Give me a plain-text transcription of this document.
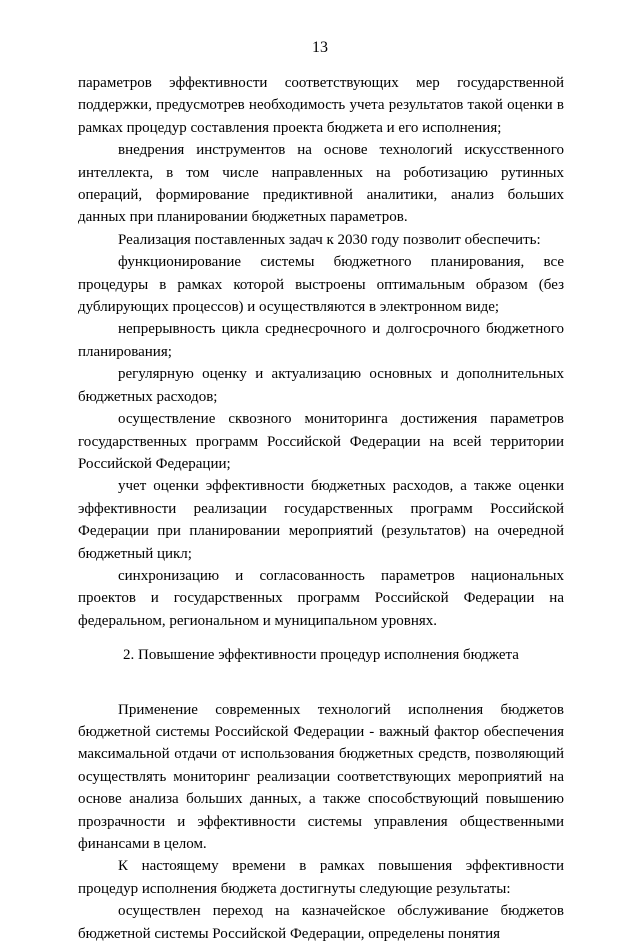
13

параметров эффективности соответствующих мер государственной поддержки, предусмотрев необходимость учета результатов такой оценки в рамках процедур составления проекта бюджета и его исполнения;

внедрения инструментов на основе технологий искусственного интеллекта, в том числе направленных на роботизацию рутинных операций, формирование предиктивной аналитики, анализ больших данных при планировании бюджетных параметров.

Реализация поставленных задач к 2030 году позволит обеспечить:

функционирование системы бюджетного планирования, все процедуры в рамках которой выстроены оптимальным образом (без дублирующих процессов) и осуществляются в электронном виде;

непрерывность цикла среднесрочного и долгосрочного бюджетного планирования;

регулярную оценку и актуализацию основных и дополнительных бюджетных расходов;

осуществление сквозного мониторинга достижения параметров государственных программ Российской Федерации на всей территории Российской Федерации;

учет оценки эффективности бюджетных расходов, а также оценки эффективности реализации государственных программ Российской Федерации при планировании мероприятий (результатов) на очередной бюджетный цикл;

синхронизацию и согласованность параметров национальных проектов и государственных программ Российской Федерации на федеральном, региональном и муниципальном уровнях.

2. Повышение эффективности процедур исполнения бюджета

Применение современных технологий исполнения бюджетов бюджетной системы Российской Федерации - важный фактор обеспечения максимальной отдачи от использования бюджетных средств, позволяющий осуществлять мониторинг реализации соответствующих мероприятий на основе анализа больших данных, а также способствующий повышению прозрачности и эффективности системы управления общественными финансами в целом.

К настоящему времени в рамках повышения эффективности процедур исполнения бюджета достигнуты следующие результаты:

осуществлен переход на казначейское обслуживание бюджетов бюджетной системы Российской Федерации, определены понятия
